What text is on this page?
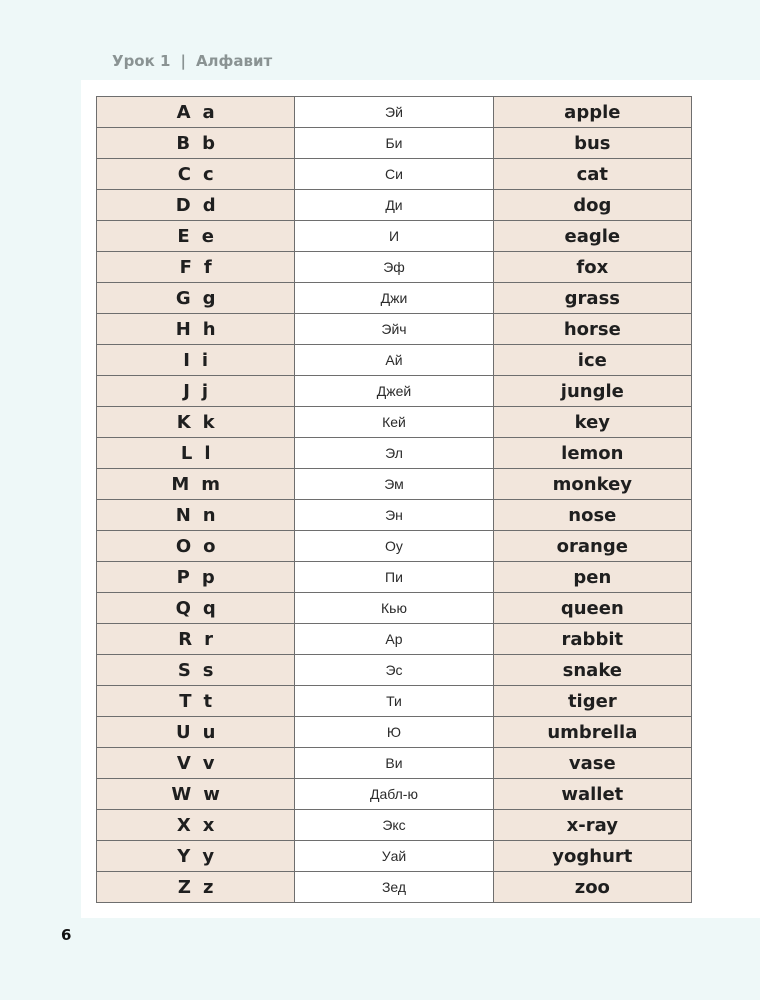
Урок 1 | Алфавит
A a	Эй	apple
B b	Би	bus
C c	Си	cat
D d	Ди	dog
E e	И	eagle
F f	Эф	fox
G g	Джи	grass
H h	Эйч	horse
I i	Ай	ice
J j	Джей	jungle
K k	Кей	key
L l	Эл	lemon
M m	Эм	monkey
N n	Эн	nose
O o	Оу	orange
P p	Пи	pen
Q q	Кью	queen
R r	Ар	rabbit
S s	Эс	snake
T t	Ти	tiger
U u	Ю	umbrella
V v	Ви	vase
W w	Дабл-ю	wallet
X x	Экс	x-ray
Y y	Уай	yoghurt
Z z	Зед	zoo
6
